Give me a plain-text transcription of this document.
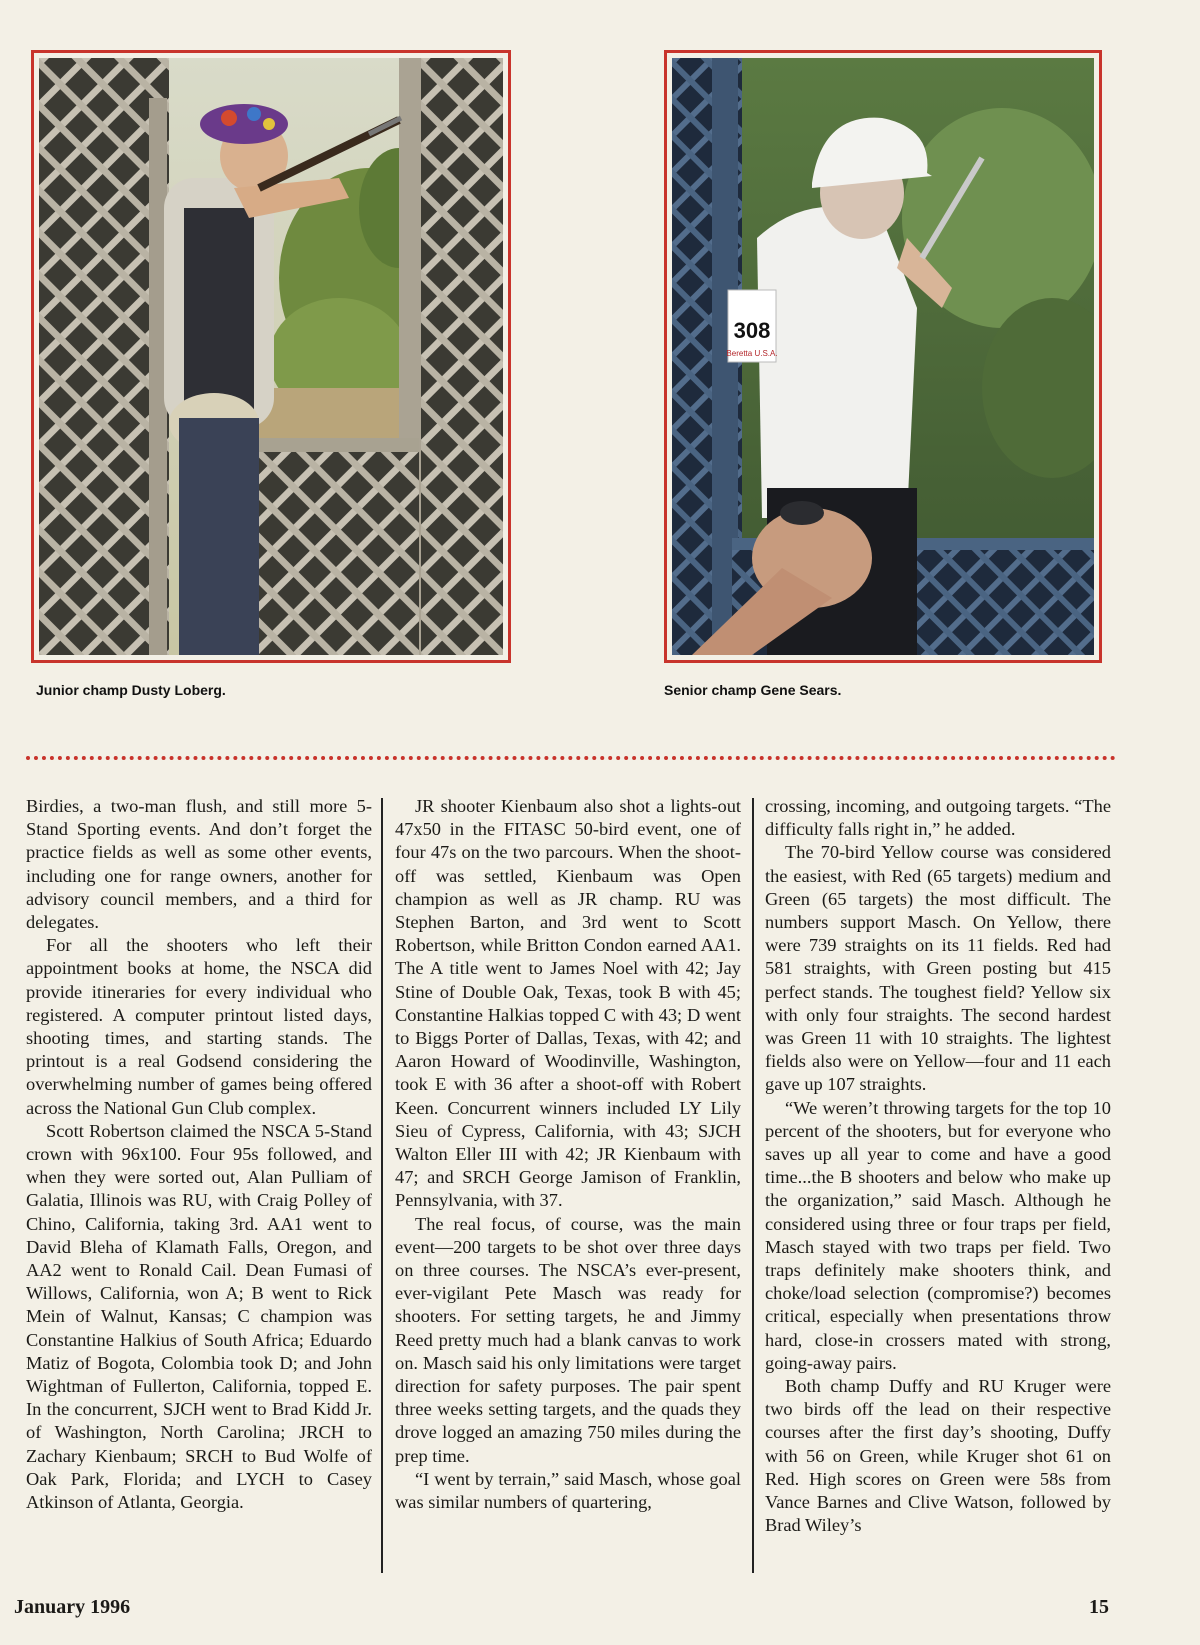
308
Beretta U.S.A.
Junior champ Dusty Loberg.	Senior champ Gene Sears.

Birdies, a two-man flush, and still more 5-Stand Sporting events. And don’t forget the practice fields as well as some other events, including one for range owners, another for advisory council members, and a third for delegates.

For all the shooters who left their appointment books at home, the NSCA did provide itineraries for every individual who registered. A computer printout listed days, shooting times, and starting stands. The printout is a real Godsend considering the overwhelming number of games being offered across the National Gun Club complex.

Scott Robertson claimed the NSCA 5-Stand crown with 96x100. Four 95s followed, and when they were sorted out, Alan Pulliam of Galatia, Illinois was RU, with Craig Polley of Chino, California, taking 3rd. AA1 went to David Bleha of Klamath Falls, Oregon, and AA2 went to Ronald Cail. Dean Fumasi of Willows, California, won A; B went to Rick Mein of Walnut, Kansas; C champion was Constantine Halkius of South Africa; Eduardo Matiz of Bogota, Colombia took D; and John Wightman of Fullerton, California, topped E. In the concurrent, SJCH went to Brad Kidd Jr. of Washington, North Carolina; JRCH to Zachary Kienbaum; SRCH to Bud Wolfe of Oak Park, Florida; and LYCH to Casey Atkinson of Atlanta, Georgia.

JR shooter Kienbaum also shot a lights-out 47x50 in the FITASC 50-bird event, one of four 47s on the two parcours. When the shoot-off was settled, Kienbaum was Open champion as well as JR champ. RU was Stephen Barton, and 3rd went to Scott Robertson, while Britton Condon earned AA1. The A title went to James Noel with 42; Jay Stine of Double Oak, Texas, took B with 45; Constantine Halkias topped C with 43; D went to Biggs Porter of Dallas, Texas, with 42; and Aaron Howard of Woodinville, Washington, took E with 36 after a shoot-off with Robert Keen. Concurrent winners included LY Lily Sieu of Cypress, California, with 43; SJCH Walton Eller III with 42; JR Kienbaum with 47; and SRCH George Jamison of Franklin, Pennsylvania, with 37.

The real focus, of course, was the main event—200 targets to be shot over three days on three courses. The NSCA’s ever-present, ever-vigilant Pete Masch was ready for shooters. For setting targets, he and Jimmy Reed pretty much had a blank canvas to work on. Masch said his only limitations were target direction for safety purposes. The pair spent three weeks setting targets, and the quads they drove logged an amazing 750 miles during the prep time.

“I went by terrain,” said Masch, whose goal was similar numbers of quartering,

crossing, incoming, and outgoing targets. “The difficulty falls right in,” he added.

The 70-bird Yellow course was considered the easiest, with Red (65 targets) medium and Green (65 targets) the most difficult. The numbers support Masch. On Yellow, there were 739 straights on its 11 fields. Red had 581 straights, with Green posting but 415 perfect stands. The toughest field? Yellow six with only four straights. The second hardest was Green 11 with 10 straights. The lightest fields also were on Yellow—four and 11 each gave up 107 straights.

“We weren’t throwing targets for the top 10 percent of the shooters, but for everyone who saves up all year to come and have a good time...the B shooters and below who make up the organization,” said Masch. Although he considered using three or four traps per field, Masch stayed with two traps per field. Two traps definitely make shooters think, and choke/load selection (compromise?) becomes critical, especially when presentations throw hard, close-in crossers mated with strong, going-away pairs.

Both champ Duffy and RU Kruger were two birds off the lead on their respective courses after the first day’s shooting, Duffy with 56 on Green, while Kruger shot 61 on Red. High scores on Green were 58s from Vance Barnes and Clive Watson, followed by Brad Wiley’s

January 1996	15
